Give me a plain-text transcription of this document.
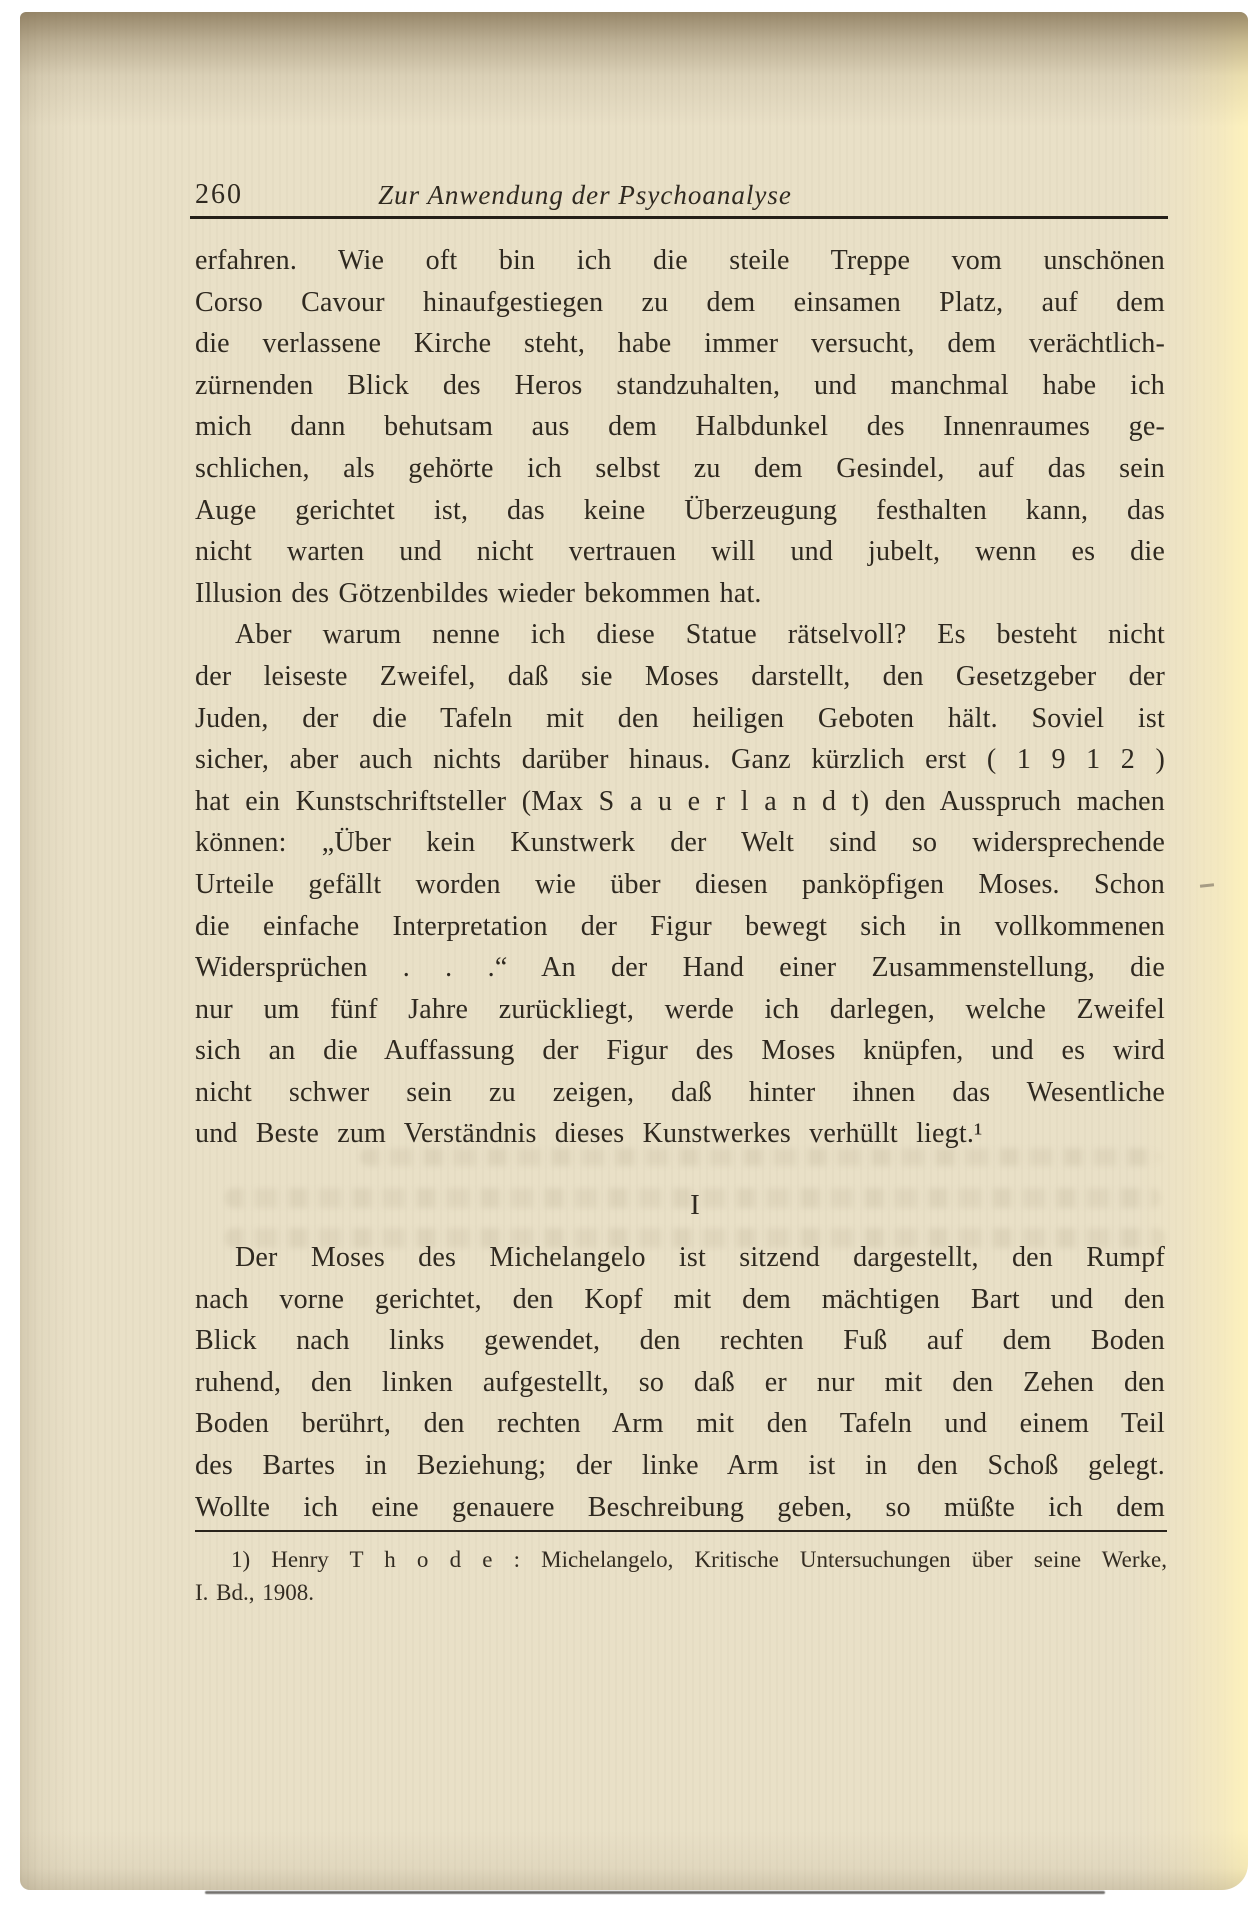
260	Zur Anwendung der Psychoanalyse
erfahren. Wie oft bin ich die steile Treppe vom unschönen
Corso Cavour hinaufgestiegen zu dem einsamen Platz, auf dem
die verlassene Kirche steht, habe immer versucht, dem verächtlich-
zürnenden Blick des Heros standzuhalten, und manchmal habe ich
mich dann behutsam aus dem Halbdunkel des Innenraumes ge-
schlichen, als gehörte ich selbst zu dem Gesindel, auf das sein
Auge gerichtet ist, das keine Überzeugung festhalten kann, das
nicht warten und nicht vertrauen will und jubelt, wenn es die
Illusion des Götzenbildes wieder bekommen hat.
Aber warum nenne ich diese Statue rätselvoll? Es besteht nicht
der leiseste Zweifel, daß sie Moses darstellt, den Gesetzgeber der
Juden, der die Tafeln mit den heiligen Geboten hält. Soviel ist
sicher, aber auch nichts darüber hinaus. Ganz kürzlich erst ( 1 9 1 2 )
hat ein Kunstschriftsteller (Max S a u e r l a n d t) den Ausspruch machen
können: „Über kein Kunstwerk der Welt sind so widersprechende
Urteile gefällt worden wie über diesen panköpfigen Moses. Schon
die einfache Interpretation der Figur bewegt sich in vollkommenen
Widersprüchen . . .“ An der Hand einer Zusammenstellung, die
nur um fünf Jahre zurückliegt, werde ich darlegen, welche Zweifel
sich an die Auffassung der Figur des Moses knüpfen, und es wird
nicht schwer sein zu zeigen, daß hinter ihnen das Wesentliche
und Beste zum Verständnis dieses Kunstwerkes verhüllt liegt.¹
I
Der Moses des Michelangelo ist sitzend dargestellt, den Rumpf
nach vorne gerichtet, den Kopf mit dem mächtigen Bart und den
Blick nach links gewendet, den rechten Fuß auf dem Boden
ruhend, den linken aufgestellt, so daß er nur mit den Zehen den
Boden berührt, den rechten Arm mit den Tafeln und einem Teil
des Bartes in Beziehung; der linke Arm ist in den Schoß gelegt.
Wollte ich eine genauere Beschreibung geben, so müßte ich dem
1) Henry T h o d e : Michelangelo, Kritische Untersuchungen über seine Werke,
I. Bd., 1908.
